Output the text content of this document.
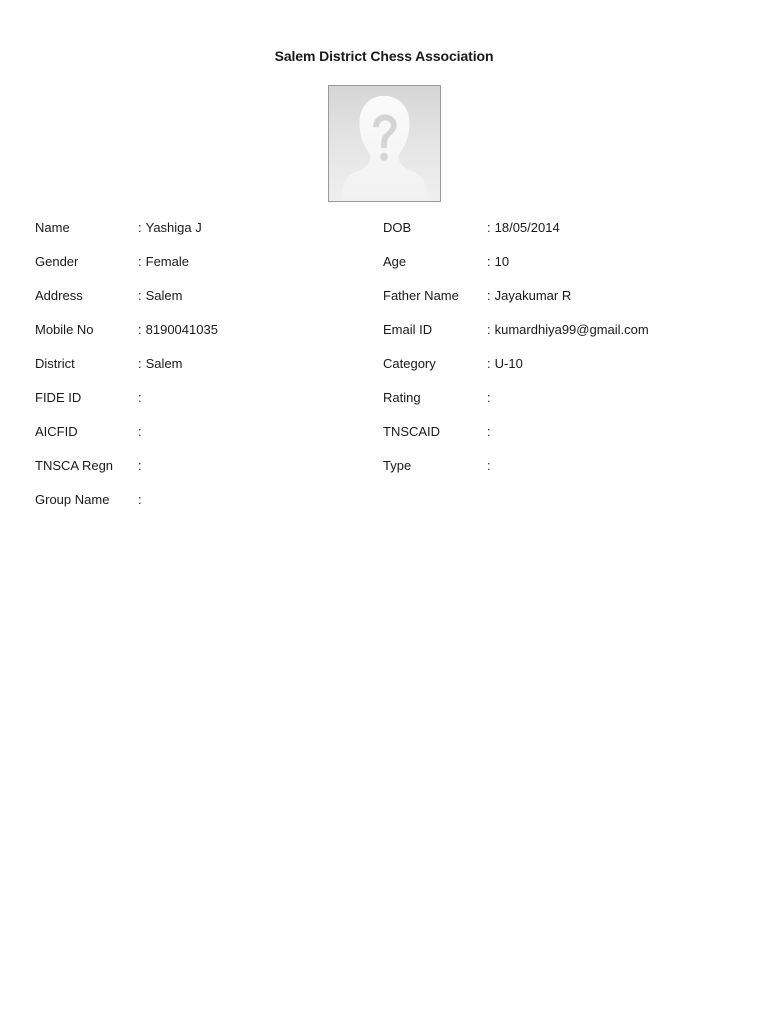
Salem District Chess Association
Name	: Yashiga J	DOB	: 18/05/2014
Gender	: Female	Age	: 10
Address	: Salem	Father Name : Jayakumar R
Mobile No	: 8190041035	Email ID	: kumardhiya99@gmail.com
District	: Salem	Category	: U-10
FIDE ID	:	Rating	:
AICFID	:	TNSCAID	:
TNSCA Regn :	Type	:
Group Name :
